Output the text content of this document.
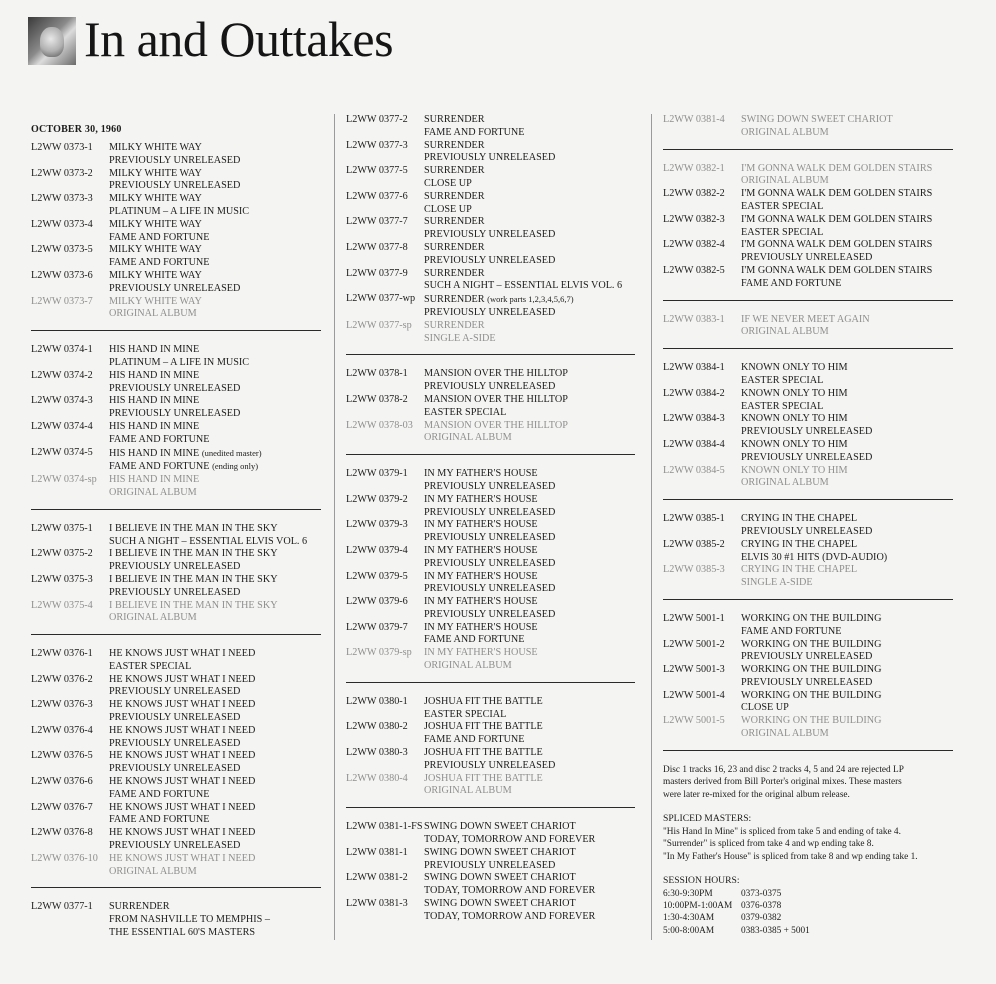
In and Outtakes
OCTOBER 30, 1960
L2WW 0373-1	MILKY WHITE WAY
PREVIOUSLY UNRELEASED
L2WW 0373-2	MILKY WHITE WAY
PREVIOUSLY UNRELEASED
L2WW 0373-3	MILKY WHITE WAY
PLATINUM – A LIFE IN MUSIC
L2WW 0373-4	MILKY WHITE WAY
FAME AND FORTUNE
L2WW 0373-5	MILKY WHITE WAY
FAME AND FORTUNE
L2WW 0373-6	MILKY WHITE WAY
PREVIOUSLY UNRELEASED
L2WW 0373-7	MILKY WHITE WAY
ORIGINAL ALBUM
L2WW 0374-1	HIS HAND IN MINE
PLATINUM – A LIFE IN MUSIC
L2WW 0374-2	HIS HAND IN MINE
PREVIOUSLY UNRELEASED
L2WW 0374-3	HIS HAND IN MINE
PREVIOUSLY UNRELEASED
L2WW 0374-4	HIS HAND IN MINE
FAME AND FORTUNE
L2WW 0374-5	HIS HAND IN MINE (unedited master)
FAME AND FORTUNE (ending only)
L2WW 0374-sp	HIS HAND IN MINE
ORIGINAL ALBUM
L2WW 0375-1	I BELIEVE IN THE MAN IN THE SKY
SUCH A NIGHT – ESSENTIAL ELVIS VOL. 6
L2WW 0375-2	I BELIEVE IN THE MAN IN THE SKY
PREVIOUSLY UNRELEASED
L2WW 0375-3	I BELIEVE IN THE MAN IN THE SKY
PREVIOUSLY UNRELEASED
L2WW 0375-4	I BELIEVE IN THE MAN IN THE SKY
ORIGINAL ALBUM
L2WW 0376-1	HE KNOWS JUST WHAT I NEED
EASTER SPECIAL
L2WW 0376-2	HE KNOWS JUST WHAT I NEED
PREVIOUSLY UNRELEASED
L2WW 0376-3	HE KNOWS JUST WHAT I NEED
PREVIOUSLY UNRELEASED
L2WW 0376-4	HE KNOWS JUST WHAT I NEED
PREVIOUSLY UNRELEASED
L2WW 0376-5	HE KNOWS JUST WHAT I NEED
PREVIOUSLY UNRELEASED
L2WW 0376-6	HE KNOWS JUST WHAT I NEED
FAME AND FORTUNE
L2WW 0376-7	HE KNOWS JUST WHAT I NEED
FAME AND FORTUNE
L2WW 0376-8	HE KNOWS JUST WHAT I NEED
PREVIOUSLY UNRELEASED
L2WW 0376-10	HE KNOWS JUST WHAT I NEED
ORIGINAL ALBUM
L2WW 0377-1	SURRENDER
FROM NASHVILLE TO MEMPHIS –
THE ESSENTIAL 60'S MASTERS
L2WW 0377-2	SURRENDER
FAME AND FORTUNE
L2WW 0377-3	SURRENDER
PREVIOUSLY UNRELEASED
L2WW 0377-5	SURRENDER
CLOSE UP
L2WW 0377-6	SURRENDER
CLOSE UP
L2WW 0377-7	SURRENDER
PREVIOUSLY UNRELEASED
L2WW 0377-8	SURRENDER
PREVIOUSLY UNRELEASED
L2WW 0377-9	SURRENDER
SUCH A NIGHT – ESSENTIAL ELVIS VOL. 6
L2WW 0377-wp SURRENDER (work parts 1,2,3,4,5,6,7)
PREVIOUSLY UNRELEASED
L2WW 0377-sp	SURRENDER
SINGLE A-SIDE
L2WW 0378-1	MANSION OVER THE HILLTOP
PREVIOUSLY UNRELEASED
L2WW 0378-2	MANSION OVER THE HILLTOP
EASTER SPECIAL
L2WW 0378-03	MANSION OVER THE HILLTOP
ORIGINAL ALBUM
L2WW 0379-1	IN MY FATHER'S HOUSE
PREVIOUSLY UNRELEASED
L2WW 0379-2	IN MY FATHER'S HOUSE
PREVIOUSLY UNRELEASED
L2WW 0379-3	IN MY FATHER'S HOUSE
PREVIOUSLY UNRELEASED
L2WW 0379-4	IN MY FATHER'S HOUSE
PREVIOUSLY UNRELEASED
L2WW 0379-5	IN MY FATHER'S HOUSE
PREVIOUSLY UNRELEASED
L2WW 0379-6	IN MY FATHER'S HOUSE
PREVIOUSLY UNRELEASED
L2WW 0379-7	IN MY FATHER'S HOUSE
FAME AND FORTUNE
L2WW 0379-sp	IN MY FATHER'S HOUSE
ORIGINAL ALBUM
L2WW 0380-1	JOSHUA FIT THE BATTLE
EASTER SPECIAL
L2WW 0380-2	JOSHUA FIT THE BATTLE
FAME AND FORTUNE
L2WW 0380-3	JOSHUA FIT THE BATTLE
PREVIOUSLY UNRELEASED
L2WW 0380-4	JOSHUA FIT THE BATTLE
ORIGINAL ALBUM
L2WW 0381-1-FS SWING DOWN SWEET CHARIOT
TODAY, TOMORROW AND FOREVER
L2WW 0381-1	SWING DOWN SWEET CHARIOT
PREVIOUSLY UNRELEASED
L2WW 0381-2	SWING DOWN SWEET CHARIOT
TODAY, TOMORROW AND FOREVER
L2WW 0381-3	SWING DOWN SWEET CHARIOT
TODAY, TOMORROW AND FOREVER
L2WW 0381-4	SWING DOWN SWEET CHARIOT
ORIGINAL ALBUM
L2WW 0382-1	I'M GONNA WALK DEM GOLDEN STAIRS
ORIGINAL ALBUM
L2WW 0382-2	I'M GONNA WALK DEM GOLDEN STAIRS
EASTER SPECIAL
L2WW 0382-3	I'M GONNA WALK DEM GOLDEN STAIRS
EASTER SPECIAL
L2WW 0382-4	I'M GONNA WALK DEM GOLDEN STAIRS
PREVIOUSLY UNRELEASED
L2WW 0382-5	I'M GONNA WALK DEM GOLDEN STAIRS
FAME AND FORTUNE
L2WW 0383-1	IF WE NEVER MEET AGAIN
ORIGINAL ALBUM
L2WW 0384-1	KNOWN ONLY TO HIM
EASTER SPECIAL
L2WW 0384-2	KNOWN ONLY TO HIM
EASTER SPECIAL
L2WW 0384-3	KNOWN ONLY TO HIM
PREVIOUSLY UNRELEASED
L2WW 0384-4	KNOWN ONLY TO HIM
PREVIOUSLY UNRELEASED
L2WW 0384-5	KNOWN ONLY TO HIM
ORIGINAL ALBUM
L2WW 0385-1	CRYING IN THE CHAPEL
PREVIOUSLY UNRELEASED
L2WW 0385-2	CRYING IN THE CHAPEL
ELVIS 30 #1 HITS (DVD-AUDIO)
L2WW 0385-3	CRYING IN THE CHAPEL
SINGLE A-SIDE
L2WW 5001-1	WORKING ON THE BUILDING
FAME AND FORTUNE
L2WW 5001-2	WORKING ON THE BUILDING
PREVIOUSLY UNRELEASED
L2WW 5001-3	WORKING ON THE BUILDING
PREVIOUSLY UNRELEASED
L2WW 5001-4	WORKING ON THE BUILDING
CLOSE UP
L2WW 5001-5	WORKING ON THE BUILDING
ORIGINAL ALBUM
Disc 1 tracks 16, 23 and disc 2 tracks 4, 5 and 24 are rejected LP
masters derived from Bill Porter's original mixes. These masters
were later re-mixed for the original album release.
SPLICED MASTERS:
"His Hand In Mine" is spliced from take 5 and ending of take 4.
"Surrender" is spliced from take 4 and wp ending take 8.
"In My Father's House" is spliced from take 8 and wp ending take 1.
SESSION HOURS:
6:30-9:30PM	0373-0375
10:00PM-1:00AM 0376-0378
1:30-4:30AM	0379-0382
5:00-8:00AM	0383-0385 + 5001
